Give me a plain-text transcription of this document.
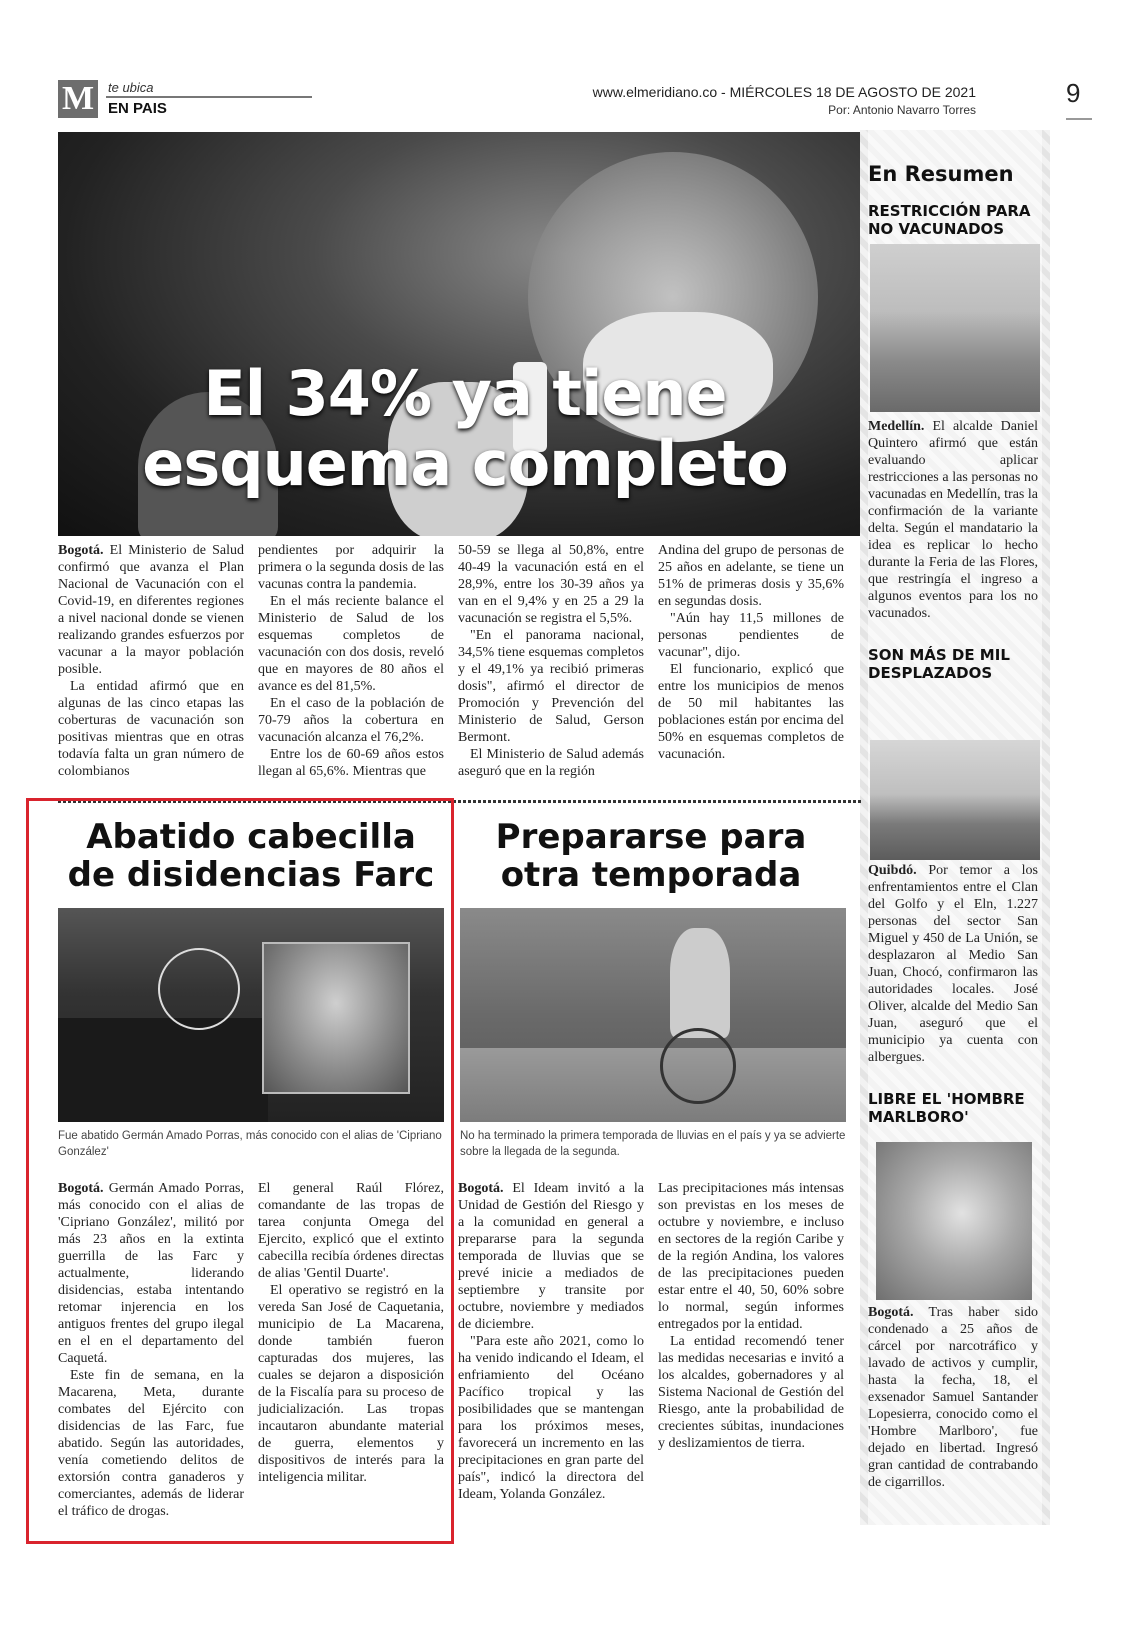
M	te ubica
EN PAIS
www.elmeridiano.co - MIÉRCOLES 18 DE AGOSTO DE 2021
Por: Antonio Navarro Torres
9
El 34% ya tiene
esquema completo

Bogotá. El Ministerio de Salud confirmó que avanza el Plan Nacional de Vacunación con el Covid-19, en diferentes regiones a nivel nacional donde se vienen realizando grandes esfuerzos por vacunar a la mayor población posible.

La entidad afirmó que en algunas de las cinco etapas las coberturas de vacunación son positivas mientras que en otras todavía falta un gran número de colombianos

pendientes por adquirir la primera o la segunda dosis de las vacunas contra la pandemia.

En el más reciente balance el Ministerio de Salud de los esquemas completos de vacunación con dos dosis, reveló que en mayores de 80 años el avance es del 81,5%.

En el caso de la población de 70-79 años la cobertura en vacunación alcanza el 76,2%.

Entre los de 60-69 años estos llegan al 65,6%. Mientras que

50-59 se llega al 50,8%, entre 40-49 la vacunación está en el 28,9%, entre los 30-39 años ya van en el 9,4% y en 25 a 29 la vacunación se registra el 5,5%.

"En el panorama nacional, 34,5% tiene esquemas completos y el 49,1% ya recibió primeras dosis", afirmó el director de Promoción y Prevención del Ministerio de Salud, Gerson Bermont.

El Ministerio de Salud además aseguró que en la región

Andina del grupo de personas de 25 años en adelante, se tiene un 51% de primeras dosis y 35,6% en segundas dosis.

"Aún hay 11,5 millones de personas pendientes de vacunar", dijo.

El funcionario, explicó que entre los municipios de menos de 50 mil habitantes las poblaciones están por encima del 50% en esquemas completos de vacunación.

En Resumen
RESTRICCIÓN PARA NO VACUNADOS
Medellín. El alcalde Daniel Quintero afirmó que están evaluando aplicar restricciones a las personas no vacunadas en Medellín, tras la confirmación de la variante delta. Según el mandatario la idea es replicar lo hecho durante la Feria de las Flores, que restringía el ingreso a algunos eventos para los no vacunados.
SON MÁS DE MIL DESPLAZADOS
Quibdó. Por temor a los enfrentamientos entre el Clan del Golfo y el Eln, 1.227 personas del sector San Miguel y 450 de La Unión, se desplazaron al Medio San Juan, Chocó, confirmaron las autoridades locales. José Oliver, alcalde del Medio San Juan, aseguró que el municipio ya cuenta con albergues.
LIBRE EL 'HOMBRE MARLBORO'
Bogotá. Tras haber sido condenado a 25 años de cárcel por narcotráfico y lavado de activos y cumplir, hasta la fecha, 18, el exsenador Samuel Santander Lopesierra, conocido como el 'Hombre Marlboro', fue dejado en libertad. Ingresó gran cantidad de contrabando de cigarrillos.
Abatido cabecilla de disidencias Farc
Fue abatido Germán Amado Porras, más conocido con el alias de 'Cipriano González'

Bogotá. Germán Amado Porras, más conocido con el alias de 'Cipriano González', militó por más 23 años en la extinta guerrilla de las Farc y actualmente, liderando disidencias, estaba intentando retomar injerencia en los antiguos frentes del grupo ilegal en el en el departamento del Caquetá.

Este fin de semana, en la Macarena, Meta, durante combates del Ejército con disidencias de las Farc, fue abatido. Según las autoridades, venía cometiendo delitos de extorsión contra ganaderos y comerciantes, además de liderar el tráfico de drogas.

El general Raúl Flórez, comandante de las tropas de tarea conjunta Omega del Ejercito, explicó que el extinto cabecilla recibía órdenes directas de alias 'Gentil Duarte'.

El operativo se registró en la vereda San José de Caquetania, municipio de La Macarena, donde también fueron capturadas dos mujeres, las cuales se dejaron a disposición de la Fiscalía para su proceso de judicialización. Las tropas incautaron abundante material de guerra, elementos y dispositivos de interés para la inteligencia militar.

Prepararse para otra temporada
No ha terminado la primera temporada de lluvias en el país y ya se advierte sobre la llegada de la segunda.

Bogotá. El Ideam invitó a la Unidad de Gestión del Riesgo y a la comunidad en general a prepararse para la segunda temporada de lluvias que se prevé inicie a mediados de septiembre y transite por octubre, noviembre y mediados de diciembre.

"Para este año 2021, como lo ha venido indicando el Ideam, el enfriamiento del Océano Pacífico tropical y las posibilidades que se mantengan para los próximos meses, favorecerá un incremento en las precipitaciones en gran parte del país", indicó la directora del Ideam, Yolanda González.

Las precipitaciones más intensas son previstas en los meses de octubre y noviembre, e incluso en sectores de la región Caribe y de la región Andina, los valores de las precipitaciones pueden estar entre el 40, 50, 60% sobre lo normal, según informes entregados por la entidad.

La entidad recomendó tener las medidas necesarias e invitó a los alcaldes, gobernadores y al Sistema Nacional de Gestión del Riesgo, ante la probabilidad de crecientes súbitas, inundaciones y deslizamientos de tierra.
